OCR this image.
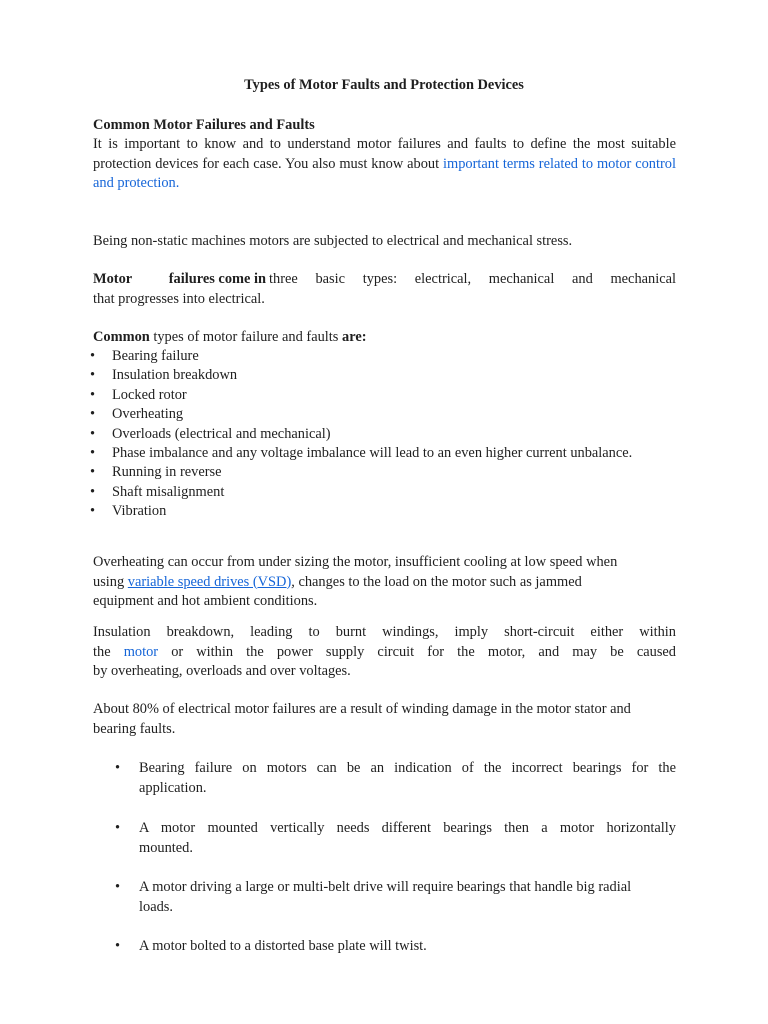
Types of Motor Faults and Protection Devices
Common Motor Failures and Faults

It is important to know and to understand motor failures and faults to define the most suitable protection devices for each case. You also must know about important terms related to motor control and protection.

Being non-static machines motors are subjected to electrical and mechanical stress.

Motor	failures come in three basic types: electrical, mechanical and mechanical
that progresses into electrical.
Common types of motor failure and faults are:
• Bearing failure
• Insulation breakdown
• Locked rotor
• Overheating
• Overloads (electrical and mechanical)
• Phase imbalance and any voltage imbalance will lead to an even higher current unbalance.
• Running in reverse
• Shaft misalignment
• Vibration
Overheating can occur from under sizing the motor, insufficient cooling at low speed when
using variable speed drives (VSD), changes to the load on the motor such as jammed
equipment and hot ambient conditions.
Insulation breakdown, leading to burnt windings, imply short-circuit either within
the motor or within the power supply circuit for the motor, and may be caused
by overheating, overloads and over voltages.
About 80% of electrical motor failures are a result of winding damage in the motor stator and
bearing faults.
• Bearing failure on motors can be an indication of the incorrect bearings for the
application.
• A motor mounted vertically needs different bearings then a motor horizontally
mounted.
• A motor driving a large or multi-belt drive will require bearings that handle big radial
loads.
• A motor bolted to a distorted base plate will twist.
